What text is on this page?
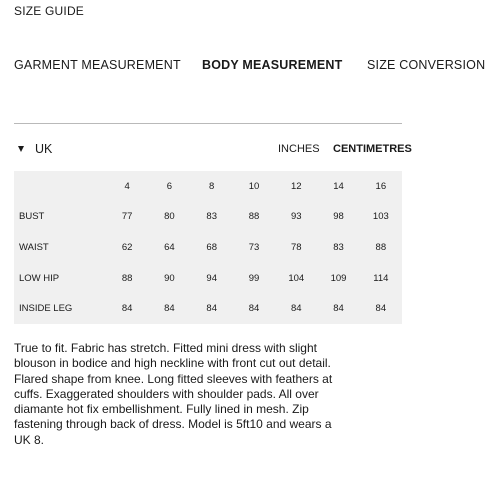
SIZE GUIDE
GARMENT MEASUREMENT BODY MEASUREMENT SIZE CONVERSION
UK	INCHES CENTIMETRES
	4	6	8	10	12	14	16
BUST	77	80	83	88	93	98	103
WAIST	62	64	68	73	78	83	88
LOW HIP	88	90	94	99	104	109	114
INSIDE LEG	84	84	84	84	84	84	84

True to fit. Fabric has stretch. Fitted mini dress with slight blouson in bodice and high neckline with front cut out detail. Flared shape from knee. Long fitted sleeves with feathers at cuffs. Exaggerated shoulders with shoulder pads. All over diamante hot fix embellishment. Fully lined in mesh. Zip fastening through back of dress. Model is 5ft10 and wears a UK 8.
